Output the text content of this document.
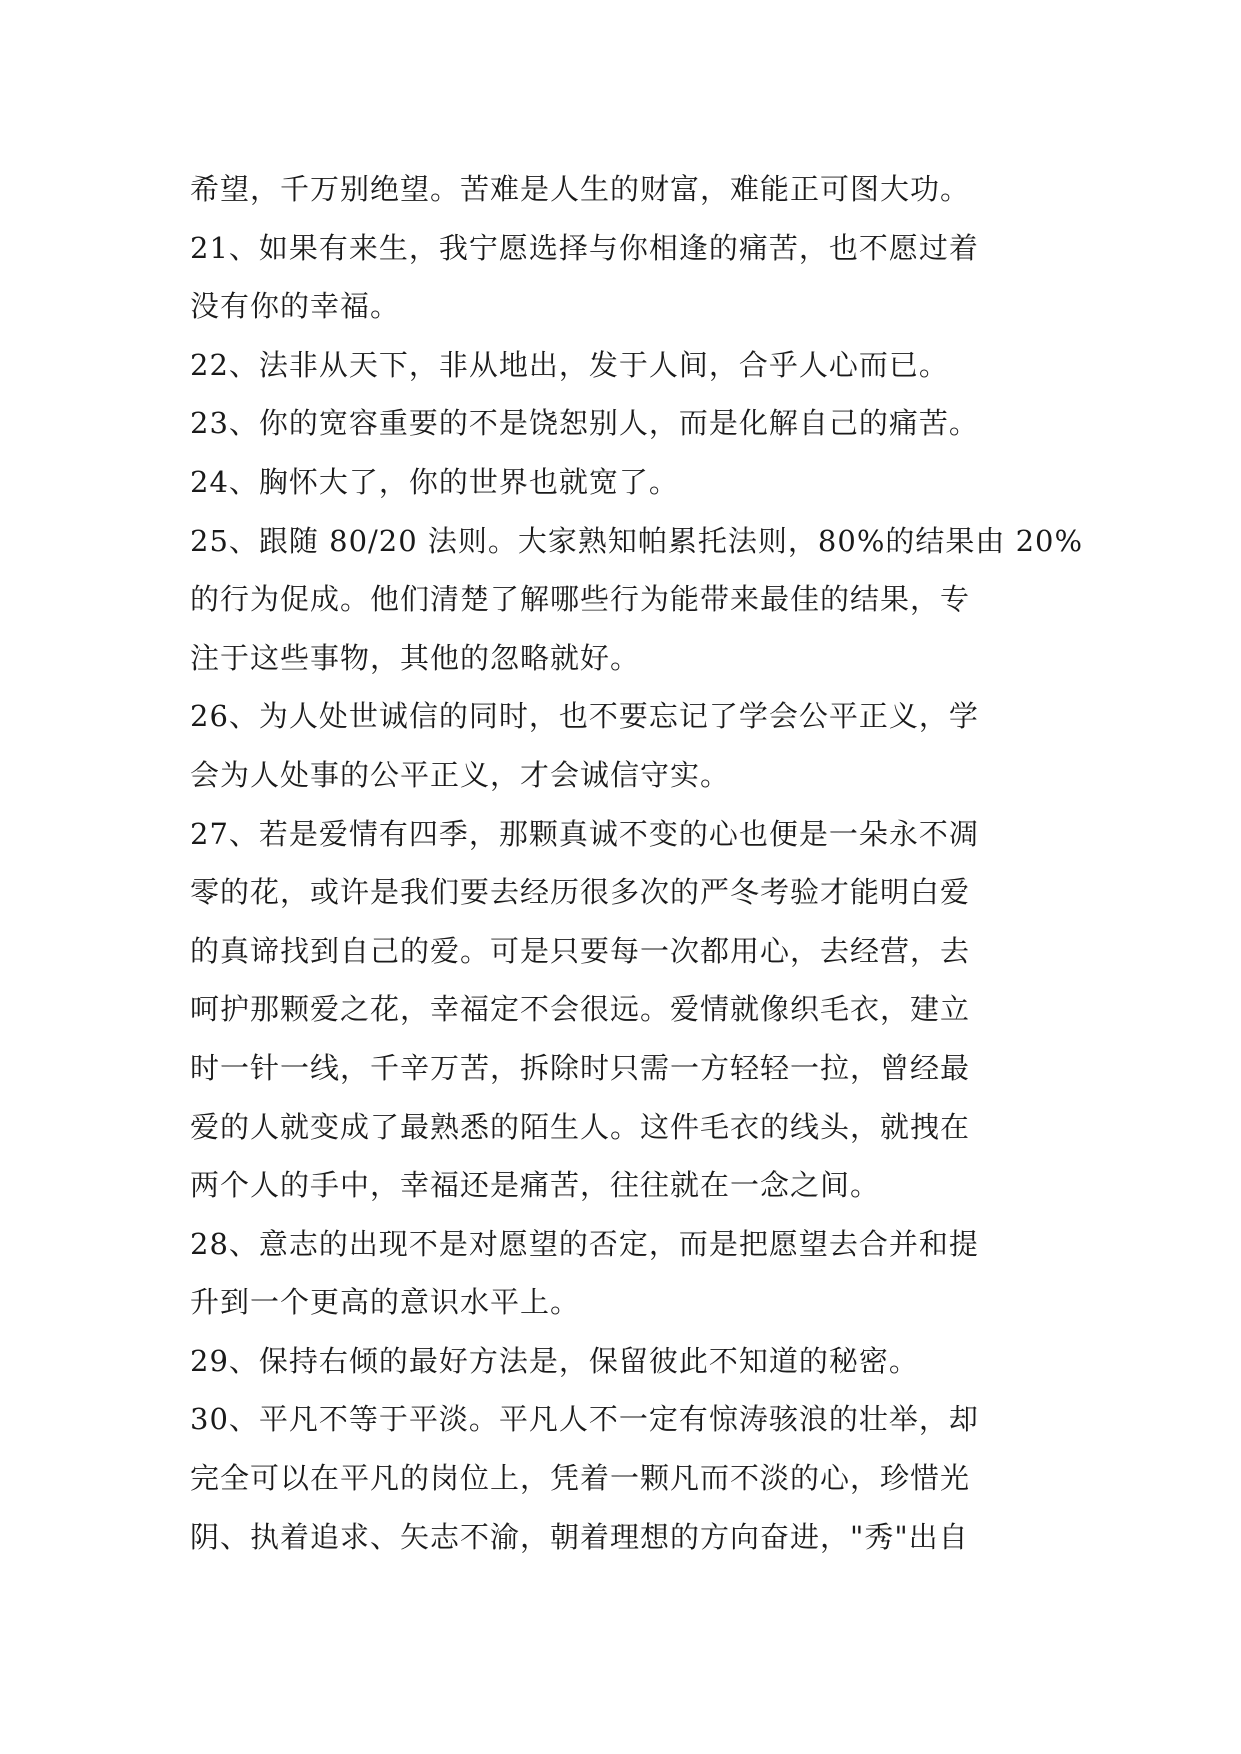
希望，千万别绝望。苦难是人生的财富，难能正可图大功。
21、如果有来生，我宁愿选择与你相逢的痛苦，也不愿过着
没有你的幸福。
22、法非从天下，非从地出，发于人间，合乎人心而已。
23、你的宽容重要的不是饶恕别人，而是化解自己的痛苦。
24、胸怀大了，你的世界也就宽了。
25、跟随 80/20 法则。大家熟知帕累托法则，80%的结果由 20%
的行为促成。他们清楚了解哪些行为能带来最佳的结果，专
注于这些事物，其他的忽略就好。
26、为人处世诚信的同时，也不要忘记了学会公平正义，学
会为人处事的公平正义，才会诚信守实。
27、若是爱情有四季，那颗真诚不变的心也便是一朵永不凋
零的花，或许是我们要去经历很多次的严冬考验才能明白爱
的真谛找到自己的爱。可是只要每一次都用心，去经营，去
呵护那颗爱之花，幸福定不会很远。爱情就像织毛衣，建立
时一针一线，千辛万苦，拆除时只需一方轻轻一拉，曾经最
爱的人就变成了最熟悉的陌生人。这件毛衣的线头，就拽在
两个人的手中，幸福还是痛苦，往往就在一念之间。
28、意志的出现不是对愿望的否定，而是把愿望去合并和提
升到一个更高的意识水平上。
29、保持右倾的最好方法是，保留彼此不知道的秘密。
30、平凡不等于平淡。平凡人不一定有惊涛骇浪的壮举，却
完全可以在平凡的岗位上，凭着一颗凡而不淡的心，珍惜光
阴、执着追求、矢志不渝，朝着理想的方向奋进，"秀"出自
